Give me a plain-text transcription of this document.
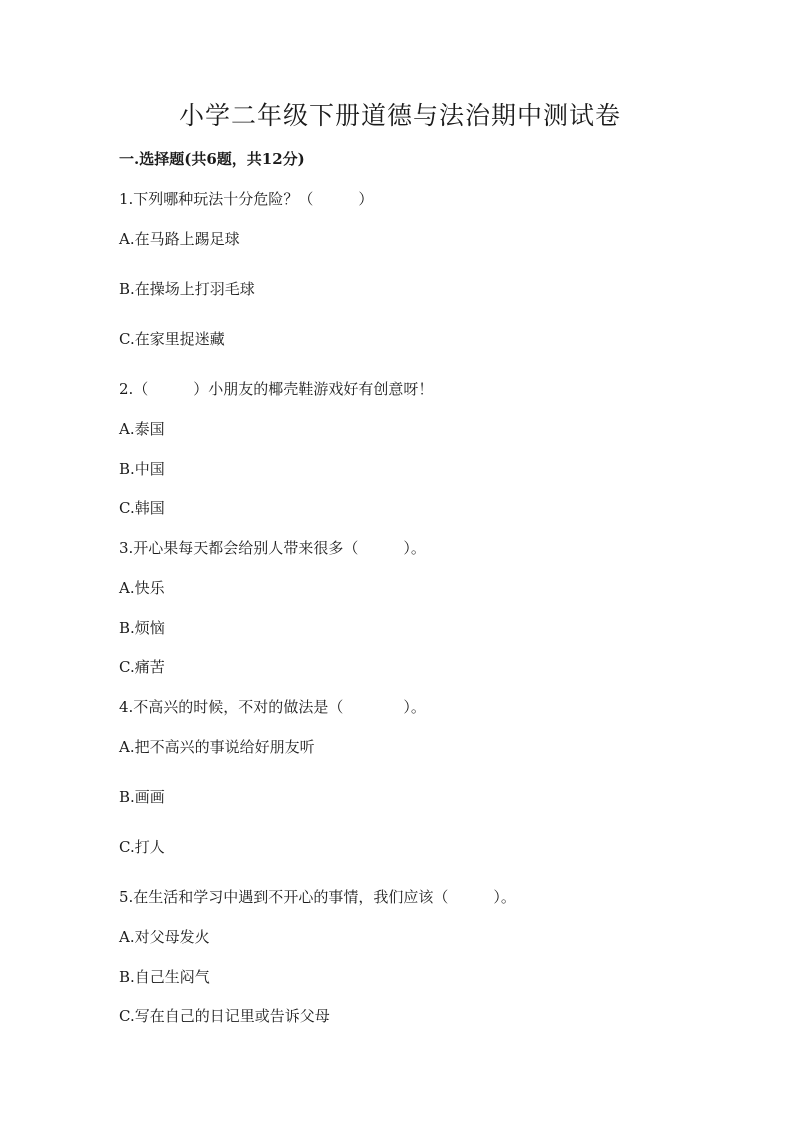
小学二年级下册道德与法治期中测试卷
一.选择题(共6题，共12分)
1.下列哪种玩法十分危险？（　　　）
A.在马路上踢足球
B.在操场上打羽毛球
C.在家里捉迷藏
2.（　　　）小朋友的椰壳鞋游戏好有创意呀！
A.泰国
B.中国
C.韩国
3.开心果每天都会给别人带来很多（　　　）。
A.快乐
B.烦恼
C.痛苦
4.不高兴的时候，不对的做法是（　　　　）。
A.把不高兴的事说给好朋友听
B.画画
C.打人
5.在生活和学习中遇到不开心的事情，我们应该（　　　）。
A.对父母发火
B.自己生闷气
C.写在自己的日记里或告诉父母
